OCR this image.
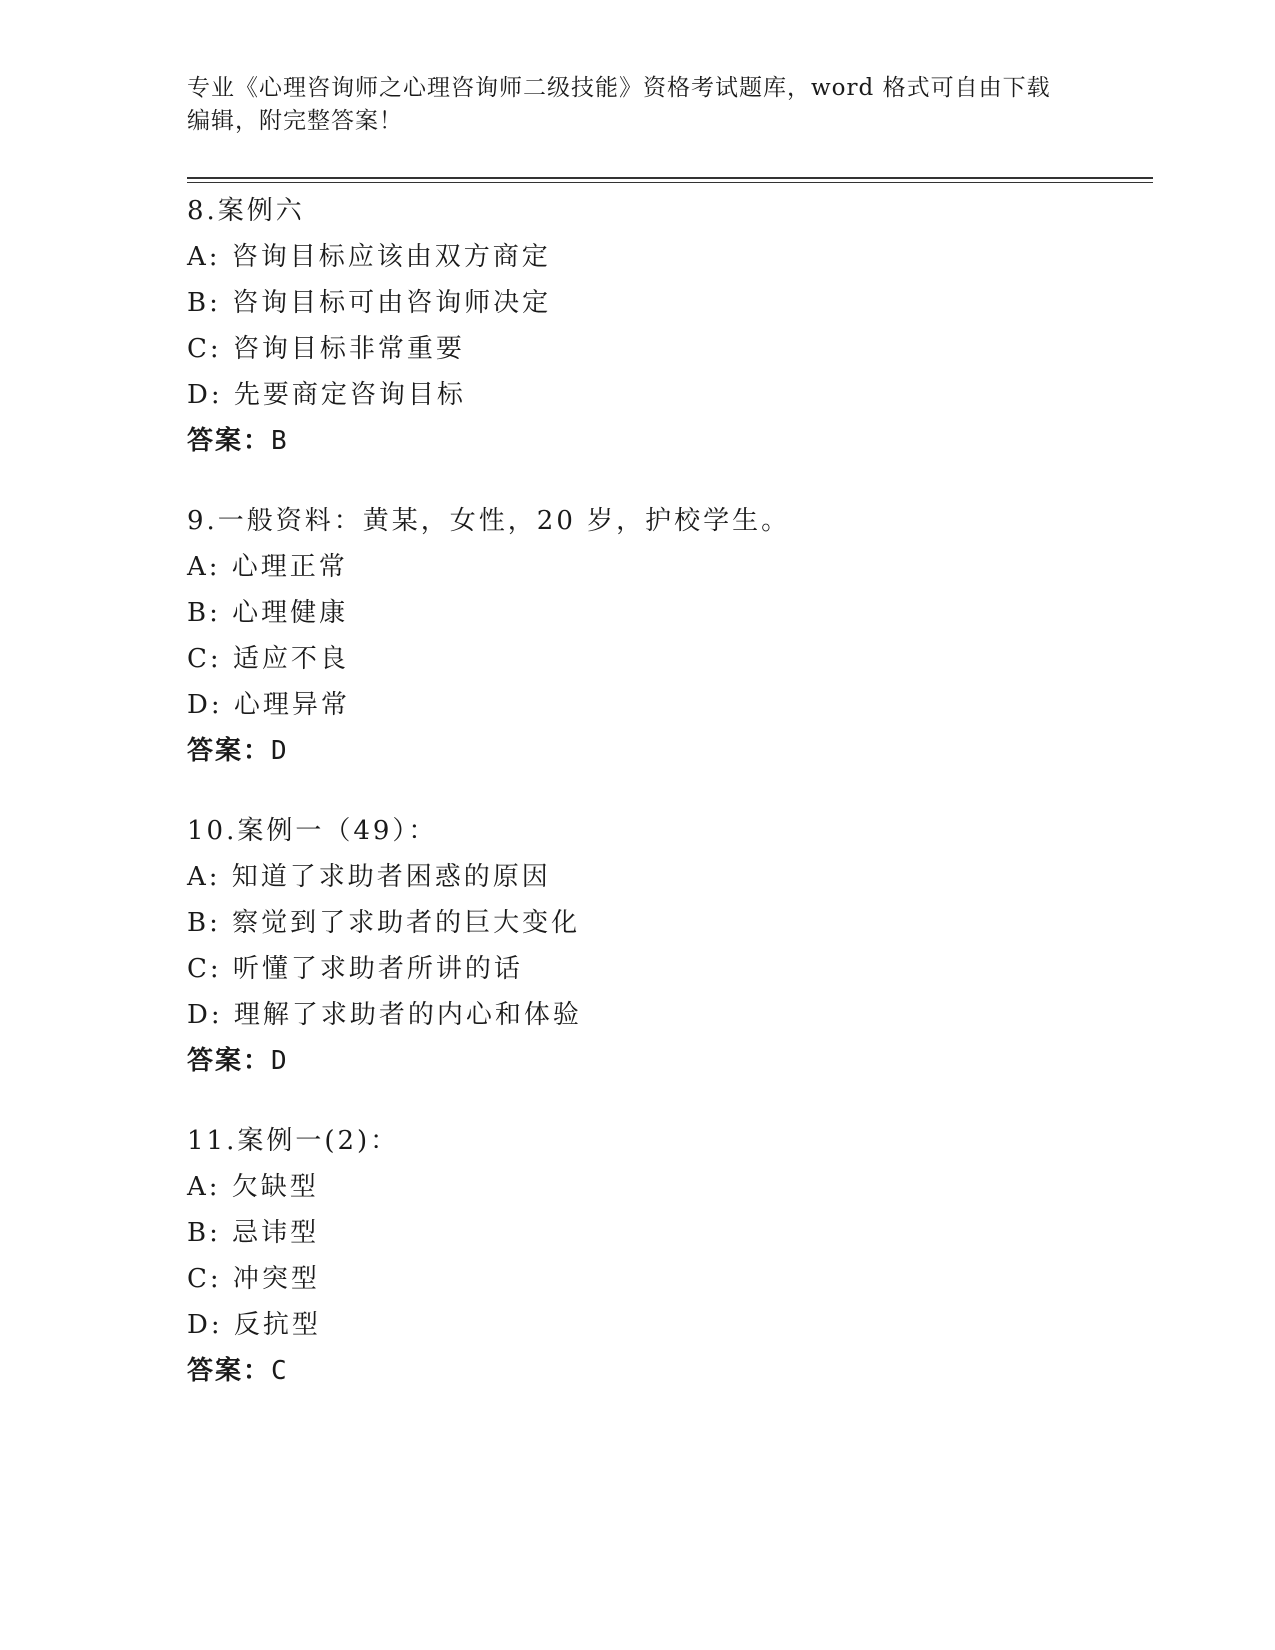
专业《心理咨询师之心理咨询师二级技能》资格考试题库，word 格式可自由下载
编辑，附完整答案！
8.案例六
A: 咨询目标应该由双方商定
B: 咨询目标可由咨询师决定
C: 咨询目标非常重要
D: 先要商定咨询目标
答案：B
9.一般资料：黄某，女性，20 岁，护校学生。
A: 心理正常
B: 心理健康
C: 适应不良
D: 心理异常
答案：D
10.案例一（49）：
A: 知道了求助者困惑的原因
B: 察觉到了求助者的巨大变化
C: 听懂了求助者所讲的话
D: 理解了求助者的内心和体验
答案：D
11.案例一(2)：
A: 欠缺型
B: 忌讳型
C: 冲突型
D: 反抗型
答案：C
